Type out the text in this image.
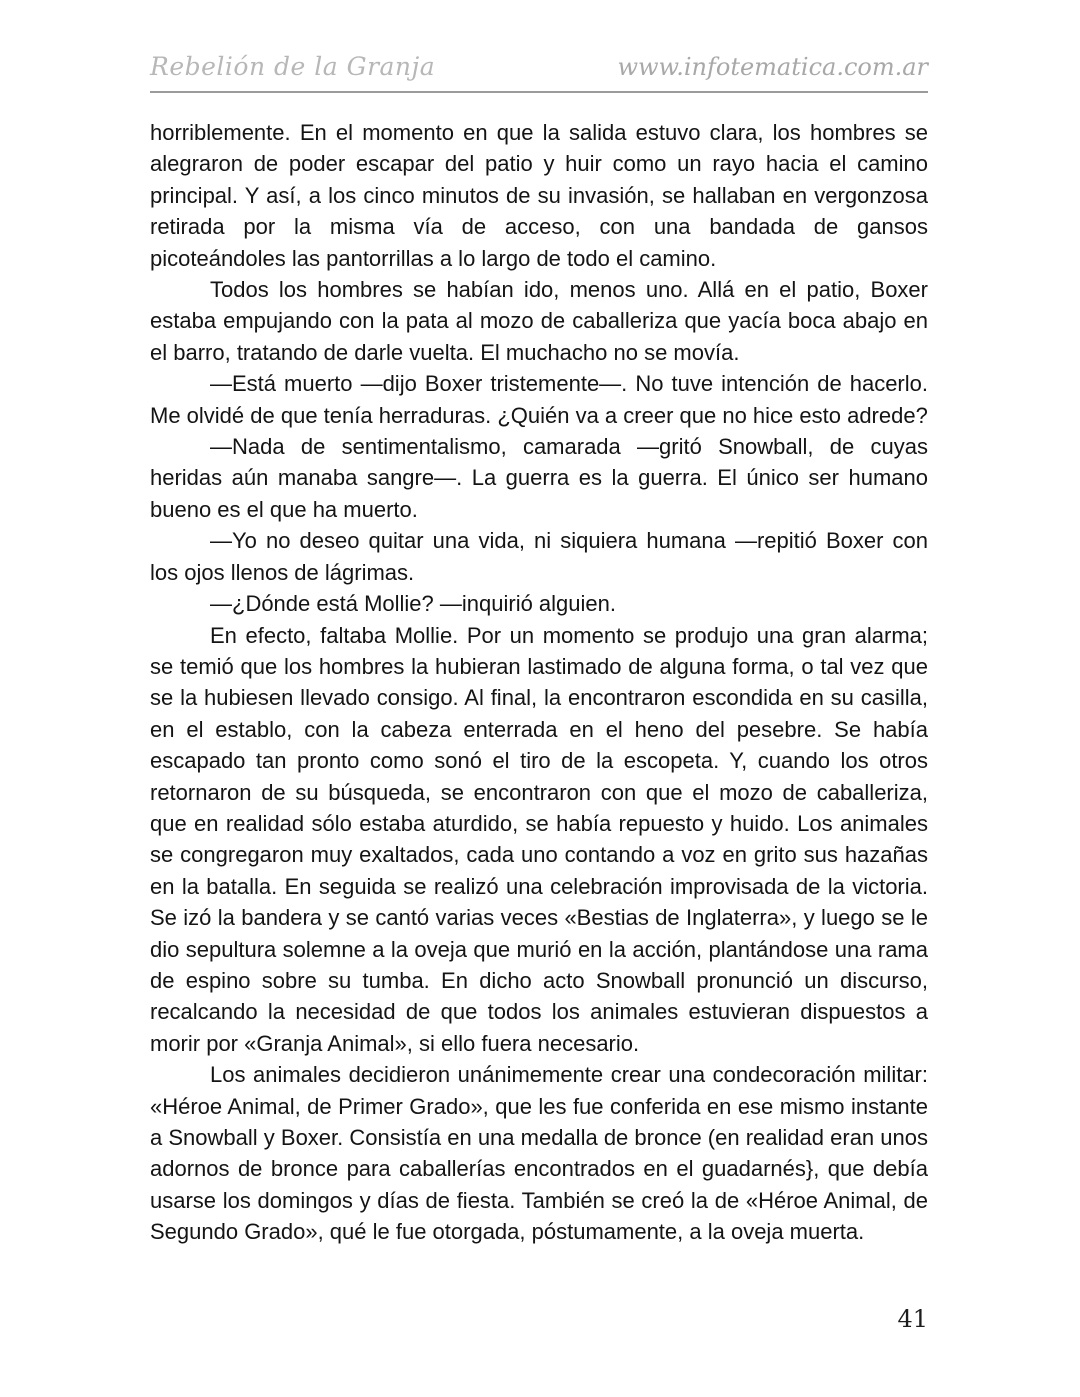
Rebelión de la Granja	www.infotematica.com.ar

horriblemente. En el momento en que la salida estuvo clara, los hombres se alegraron de poder escapar del patio y huir como un rayo hacia el camino principal. Y así, a los cinco minutos de su invasión, se hallaban en vergonzosa retirada por la misma vía de acceso, con una bandada de gansos picoteándoles las pantorrillas a lo largo de todo el camino.

Todos los hombres se habían ido, menos uno. Allá en el patio, Boxer estaba empujando con la pata al mozo de caballeriza que yacía boca abajo en el barro, tratando de darle vuelta. El muchacho no se movía.

—Está muerto —dijo Boxer tristemente—. No tuve intención de hacerlo. Me olvidé de que tenía herraduras. ¿Quién va a creer que no hice esto adrede?

—Nada de sentimentalismo, camarada —gritó Snowball, de cuyas heridas aún manaba sangre—. La guerra es la guerra. El único ser humano bueno es el que ha muerto.

—Yo no deseo quitar una vida, ni siquiera humana —repitió Boxer con los ojos llenos de lágrimas.

—¿Dónde está Mollie? —inquirió alguien.

En efecto, faltaba Mollie. Por un momento se produjo una gran alarma; se temió que los hombres la hubieran lastimado de alguna forma, o tal vez que se la hubiesen llevado consigo. Al final, la encontraron escondida en su casilla, en el establo, con la cabeza enterrada en el heno del pesebre. Se había escapado tan pronto como sonó el tiro de la escopeta. Y, cuando los otros retornaron de su búsqueda, se encontraron con que el mozo de caballeriza, que en realidad sólo estaba aturdido, se había repuesto y huido. Los animales se congregaron muy exaltados, cada uno contando a voz en grito sus hazañas en la batalla. En seguida se realizó una celebración improvisada de la victoria. Se izó la bandera y se cantó varias veces «Bestias de Inglaterra», y luego se le dio sepultura solemne a la oveja que murió en la acción, plantándose una rama de espino sobre su tumba. En dicho acto Snowball pronunció un discurso, recalcando la necesidad de que todos los animales estuvieran dispuestos a morir por «Granja Animal», si ello fuera necesario.

Los animales decidieron unánimemente crear una condecoración militar: «Héroe Animal, de Primer Grado», que les fue conferida en ese mismo instante a Snowball y Boxer. Consistía en una medalla de bronce (en realidad eran unos adornos de bronce para caballerías encontrados en el guadarnés}, que debía usarse los domingos y días de fiesta. También se creó la de «Héroe Animal, de Segundo Grado», qué le fue otorgada, póstumamente, a la oveja muerta.

41
